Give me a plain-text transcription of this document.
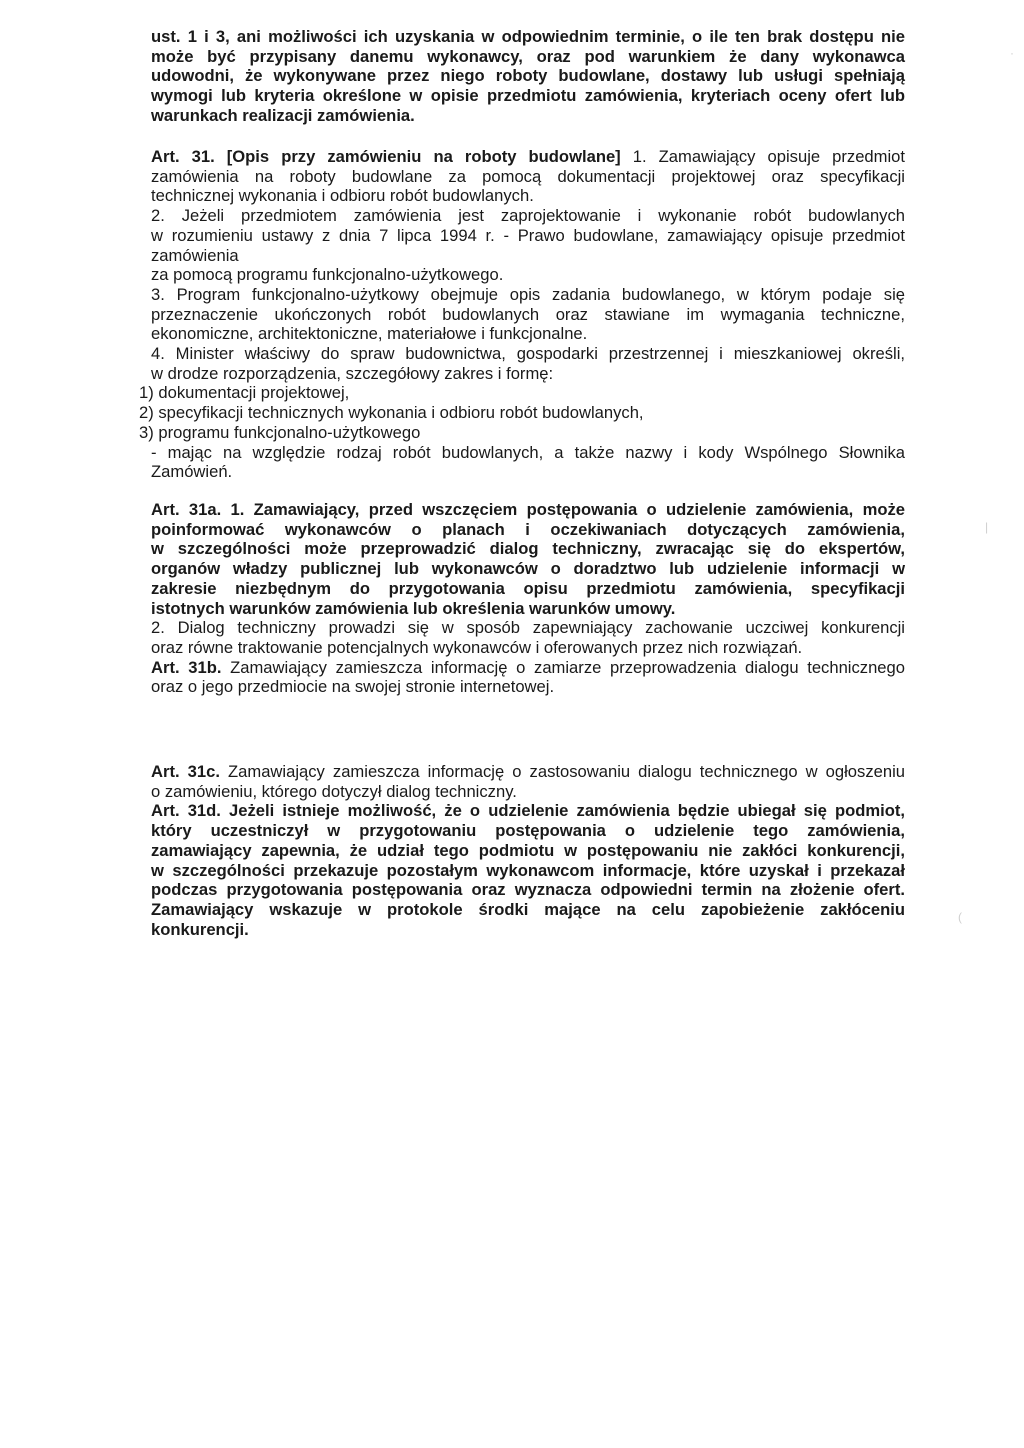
ust. 1 i 3, ani możliwości ich uzyskania w odpowiednim terminie, o ile ten brak dostępu nie
może być przypisany danemu wykonawcy, oraz pod warunkiem że dany wykonawca
udowodni, że wykonywane przez niego roboty budowlane, dostawy lub usługi spełniają
wymogi lub kryteria określone w opisie przedmiotu zamówienia, kryteriach oceny ofert lub
warunkach realizacji zamówienia.
Art. 31. [Opis przy zamówieniu na roboty budowlane] 1. Zamawiający opisuje przedmiot
zamówienia na roboty budowlane za pomocą dokumentacji projektowej oraz specyfikacji
technicznej wykonania i odbioru robót budowlanych.
2. Jeżeli przedmiotem zamówienia jest zaprojektowanie i wykonanie robót budowlanych
w rozumieniu ustawy z dnia 7 lipca 1994 r. - Prawo budowlane, zamawiający opisuje przedmiot
zamówienia
za pomocą programu funkcjonalno-użytkowego.
3. Program funkcjonalno-użytkowy obejmuje opis zadania budowlanego, w którym podaje się
przeznaczenie ukończonych robót budowlanych oraz stawiane im wymagania techniczne,
ekonomiczne, architektoniczne, materiałowe i funkcjonalne.
4. Minister właściwy do spraw budownictwa, gospodarki przestrzennej i mieszkaniowej określi,
w drodze rozporządzenia, szczegółowy zakres i formę:
1) dokumentacji projektowej,
2) specyfikacji technicznych wykonania i odbioru robót budowlanych,
3) programu funkcjonalno-użytkowego
- mając na względzie rodzaj robót budowlanych, a także nazwy i kody Wspólnego Słownika
Zamówień.
Art. 31a. 1. Zamawiający, przed wszczęciem postępowania o udzielenie zamówienia, może
poinformować wykonawców o planach i oczekiwaniach dotyczących zamówienia,
w szczególności może przeprowadzić dialog techniczny, zwracając się do ekspertów,
organów władzy publicznej lub wykonawców o doradztwo lub udzielenie informacji w
zakresie niezbędnym do przygotowania opisu przedmiotu zamówienia, specyfikacji
istotnych warunków zamówienia lub określenia warunków umowy.
2. Dialog techniczny prowadzi się w sposób zapewniający zachowanie uczciwej konkurencji
oraz równe traktowanie potencjalnych wykonawców i oferowanych przez nich rozwiązań.
Art. 31b. Zamawiający zamieszcza informację o zamiarze przeprowadzenia dialogu technicznego
oraz o jego przedmiocie na swojej stronie internetowej.
Art. 31c. Zamawiający zamieszcza informację o zastosowaniu dialogu technicznego w ogłoszeniu
o zamówieniu, którego dotyczył dialog techniczny.
Art. 31d. Jeżeli istnieje możliwość, że o udzielenie zamówienia będzie ubiegał się podmiot,
który uczestniczył w przygotowaniu postępowania o udzielenie tego zamówienia,
zamawiający zapewnia, że udział tego podmiotu w postępowaniu nie zakłóci konkurencji,
w szczególności przekazuje pozostałym wykonawcom informacje, które uzyskał i przekazał
podczas przygotowania postępowania oraz wyznacza odpowiedni termin na złożenie ofert.
Zamawiający wskazuje w protokole środki mające na celu zapobieżenie zakłóceniu
konkurencji.
·
|
(
